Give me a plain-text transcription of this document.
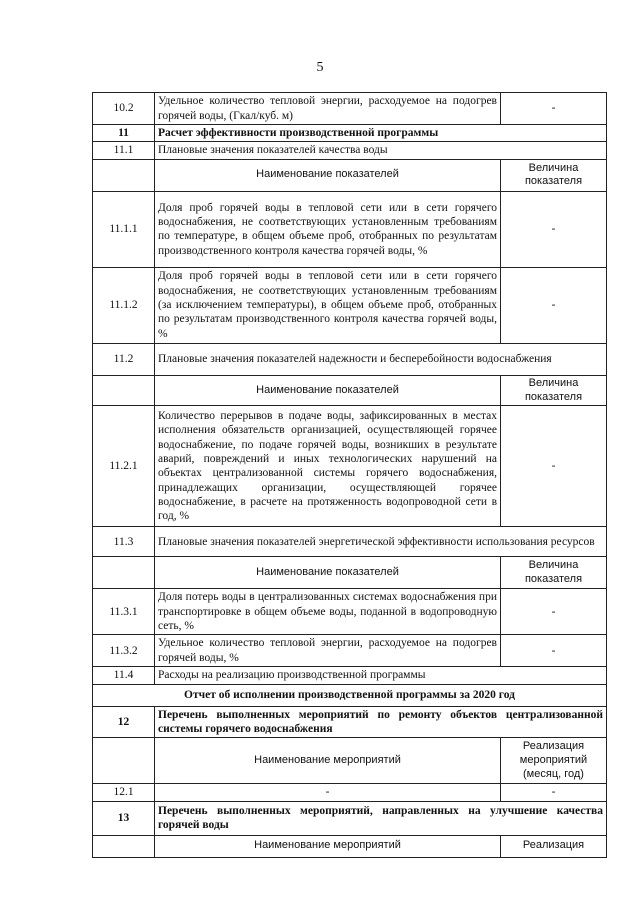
5
10.2	Удельное количество тепловой энергии, расходуемое на подогрев горячей воды, (Гкал/куб. м)	-
11	Расчет эффективности производственной программы	
11.1	Плановые значения показателей качества воды	
	Наименование показателей	Величина показателя
11.1.1	Доля проб горячей воды в тепловой сети или в сети горячего водоснабжения, не соответствующих установленным требованиям по температуре, в общем объеме проб, отобранных по результатам производственного контроля качества горячей воды, %	-
11.1.2	Доля проб горячей воды в тепловой сети или в сети горячего водоснабжения, не соответствующих установленным требованиям (за исключением температуры), в общем объеме проб, отобранных по результатам производственного контроля качества горячей воды, %	-
11.2	Плановые значения показателей надежности и бесперебойности водоснабжения	
	Наименование показателей	Величина показателя
11.2.1	Количество перерывов в подаче воды, зафиксированных в местах исполнения обязательств организацией, осуществляющей горячее водоснабжение, по подаче горячей воды, возникших в результате аварий, повреждений и иных технологических нарушений на объектах централизованной системы горячего водоснабжения, принадлежащих организации, осуществляющей горячее водоснабжение, в расчете на протяженность водопроводной сети в год, %	-
11.3	Плановые значения показателей энергетической эффективности использования ресурсов	
	Наименование показателей	Величина показателя
11.3.1	Доля потерь воды в централизованных системах водоснабжения при транспортировке в общем объеме воды, поданной в водопроводную сеть, %	-
11.3.2	Удельное количество тепловой энергии, расходуемое на подогрев горячей воды, %	-
11.4	Расходы на реализацию производственной программы	
Отчет об исполнении производственной программы за 2020 год		
12	Перечень выполненных мероприятий по ремонту объектов централизованной системы горячего водоснабжения	
	Наименование мероприятий	Реализация мероприятий (месяц, год)
12.1	-	-
13	Перечень выполненных мероприятий, направленных на улучшение качества горячей воды	
	Наименование мероприятий	Реализация
